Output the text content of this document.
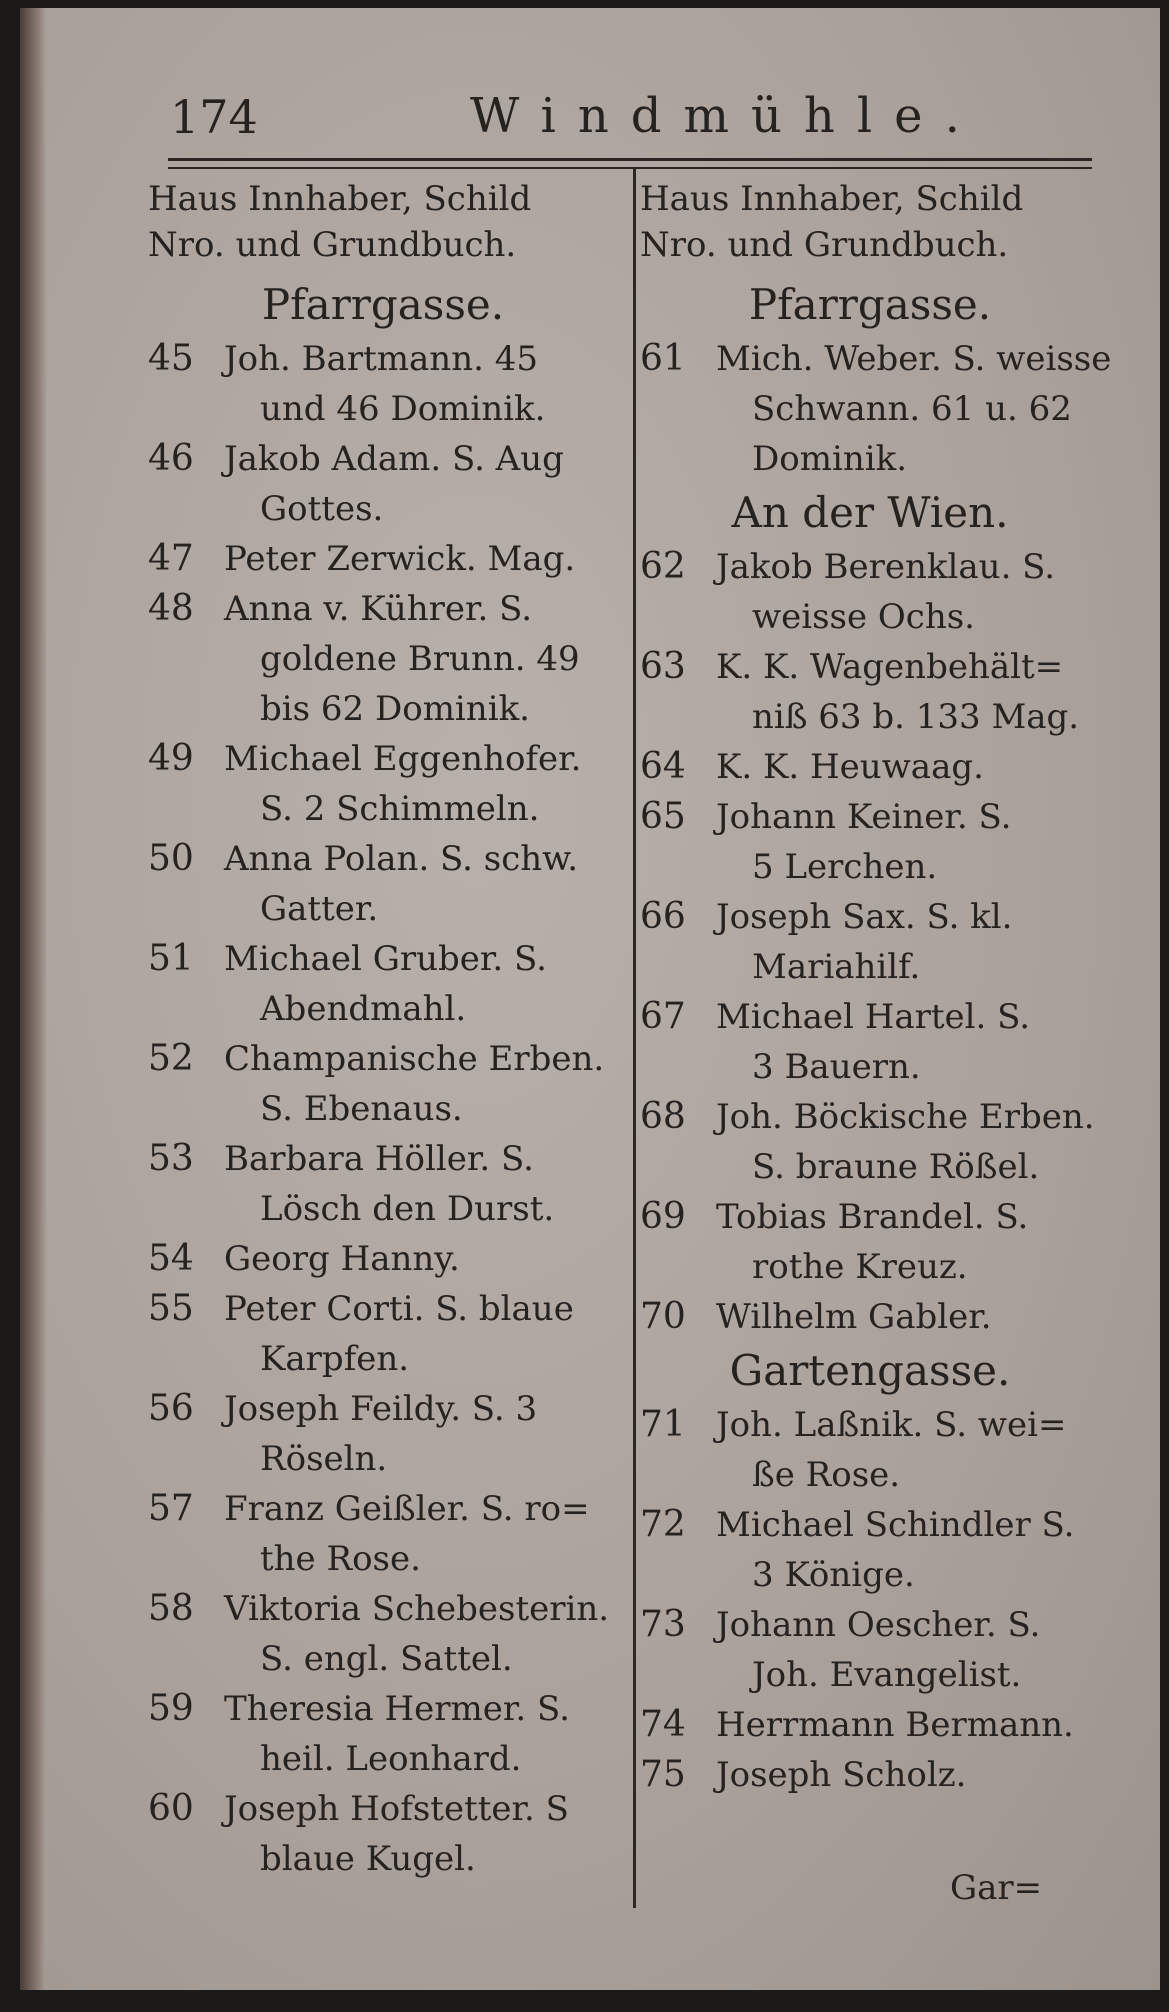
174	Windmühle.
Haus Innhaber, Schild
Nro. und Grundbuch.
Pfarrgasse.
45 Joh. Bartmann. 45
und 46 Dominik.
46 Jakob Adam. S. Aug
Gottes.
47 Peter Zerwick. Mag.
48 Anna v. Kührer. S.
goldene Brunn. 49
bis 62 Dominik.
49 Michael Eggenhofer.
S. 2 Schimmeln.
50 Anna Polan. S. schw.
Gatter.
51 Michael Gruber. S.
Abendmahl.
52 Champanische Erben.
S. Ebenaus.
53 Barbara Höller. S.
Lösch den Durst.
54 Georg Hanny.
55 Peter Corti. S. blaue
Karpfen.
56 Joseph Feildy. S. 3
Röseln.
57 Franz Geißler. S. ro=
the Rose.
58 Viktoria Schebesterin.
S. engl. Sattel.
59 Theresia Hermer. S.
heil. Leonhard.
60 Joseph Hofstetter. S
blaue Kugel.
Haus Innhaber, Schild
Nro. und Grundbuch.
Pfarrgasse.
61 Mich. Weber. S. weisse
Schwann. 61 u. 62
Dominik.
An der Wien.
62 Jakob Berenklau. S.
weisse Ochs.
63 K. K. Wagenbehält=
niß 63 b. 133 Mag.
64 K. K. Heuwaag.
65 Johann Keiner. S.
5 Lerchen.
66 Joseph Sax. S. kl.
Mariahilf.
67 Michael Hartel. S.
3 Bauern.
68 Joh. Böckische Erben.
S. braune Rößel.
69 Tobias Brandel. S.
rothe Kreuz.
70 Wilhelm Gabler.
Gartengasse.
71 Joh. Laßnik. S. wei=
ße Rose.
72 Michael Schindler S.
3 Könige.
73 Johann Oescher. S.
Joh. Evangelist.
74 Herrmann Bermann.
75 Joseph Scholz.
Gar=
